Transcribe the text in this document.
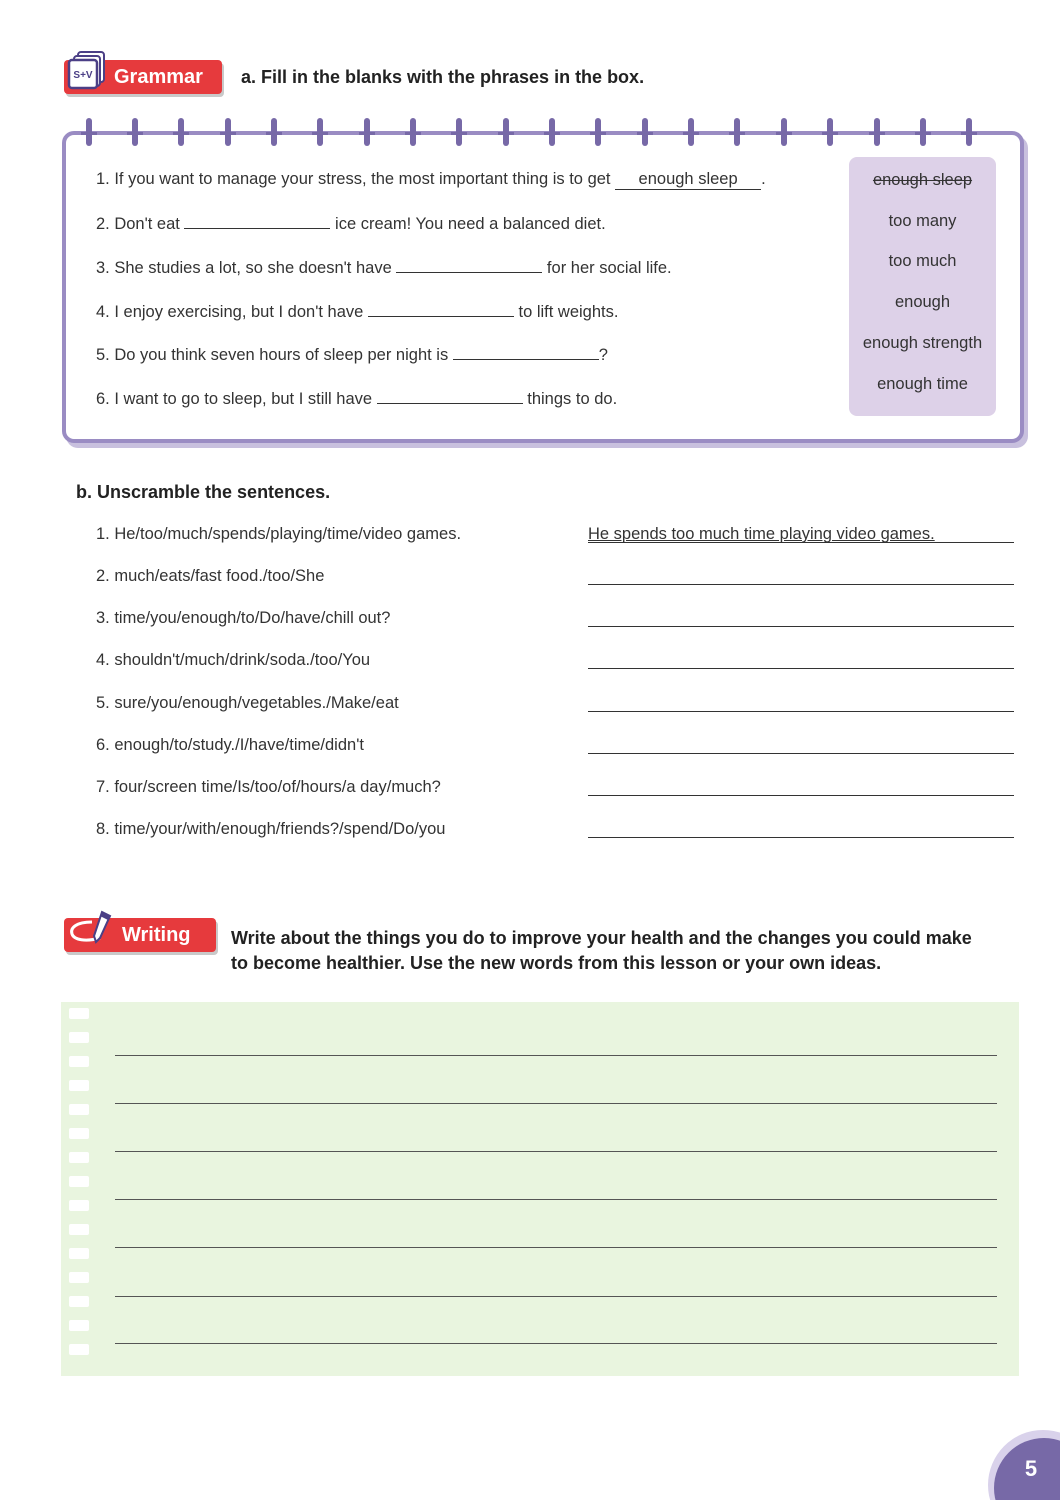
Grammar
S+V	a. Fill in the blanks with the phrases in the box.
1. If you want to manage your stress, the most important thing is to get enough sleep .
2. Don't eat	ice cream! You need a balanced diet.
3. She studies a lot, so she doesn't have	for her social life.
4. I enjoy exercising, but I don't have	to lift weights.
5. Do you think seven hours of sleep per night is	?
6. I want to go to sleep, but I still have	things to do.
enough sleep
too many
too much
enough
enough strength
enough time
b. Unscramble the sentences.
1. He/too/much/spends/playing/time/video games.	He spends too much time playing video games.
2. much/eats/fast food./too/She
3. time/you/enough/to/Do/have/chill out?
4. shouldn't/much/drink/soda./too/You
5. sure/you/enough/vegetables./Make/eat
6. enough/to/study./I/have/time/didn't
7. four/screen time/Is/too/of/hours/a day/much?
8. time/your/with/enough/friends?/spend/Do/you
Writing Write about the things you do to improve your health and the changes you could make to become healthier. Use the new words from this lesson or your own ideas.
5
